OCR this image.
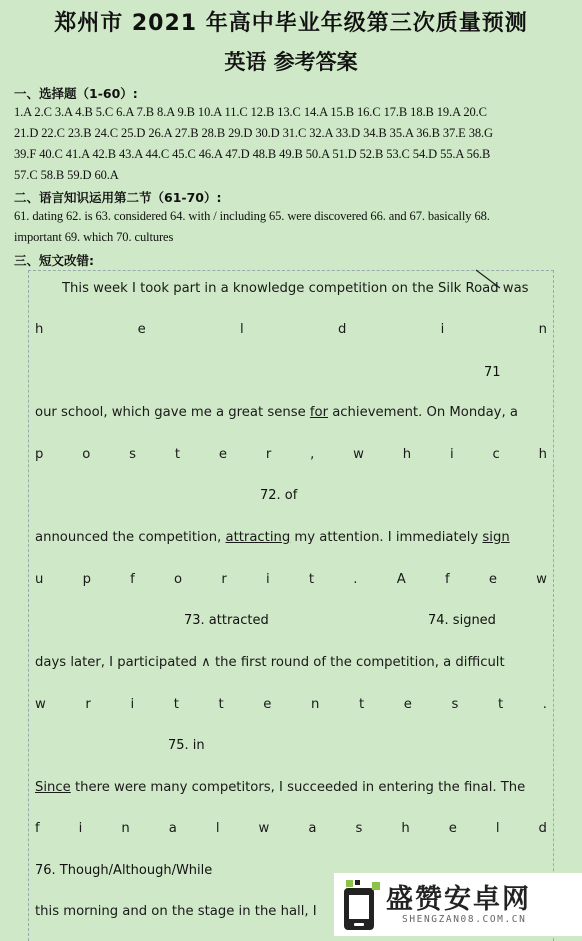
郑州市 2021 年高中毕业年级第三次质量预测
英语 参考答案
一、选择题（1-60）:
1.A 2.C 3.A 4.B 5.C 6.A 7.B 8.A 9.B 10.A 11.C 12.B 13.C 14.A 15.B 16.C 17.B 18.B 19.A 20.C
21.D 22.C 23.B 24.C 25.D 26.A 27.B 28.B 29.D 30.D 31.C 32.A 33.D 34.B 35.A 36.B 37.E 38.G
39.F 40.C 41.A 42.B 43.A 44.C 45.C 46.A 47.D 48.B 49.B 50.A 51.D 52.B 53.C 54.D 55.A 56.B
57.C 58.B 59.D 60.A
二、语言知识运用第二节（61-70）:
61. dating 62. is 63. considered 64. with / including 65. were discovered 66. and 67. basically 68.
important 69. which 70. cultures
三、短文改错:
This week I took part in a knowledge competition on the Silk Road was
h	e	l	d	i	n
71
our school, which gave me a great sense for achievement. On Monday, a
p	o	s	t	e	r	,	w	h	i	c	h
72. of
announced the competition, attracting my attention. I immediately sign
u	p	f	o	r	i	t	.	A	f	e	w
73. attracted	74. signed
days later, I participated ∧ the first round of the competition, a difficult
w	r	i	t	t	e	n	t	e	s	t	.
75. in
Since there were many competitors, I succeeded in entering the final. The
f	i	n	a	l	w	a	s	h	e	l	d
76. Though/Although/While
this morning and on the stage in the hall, I	盛赞安卓网
SHENGZAN08.COM.CN
